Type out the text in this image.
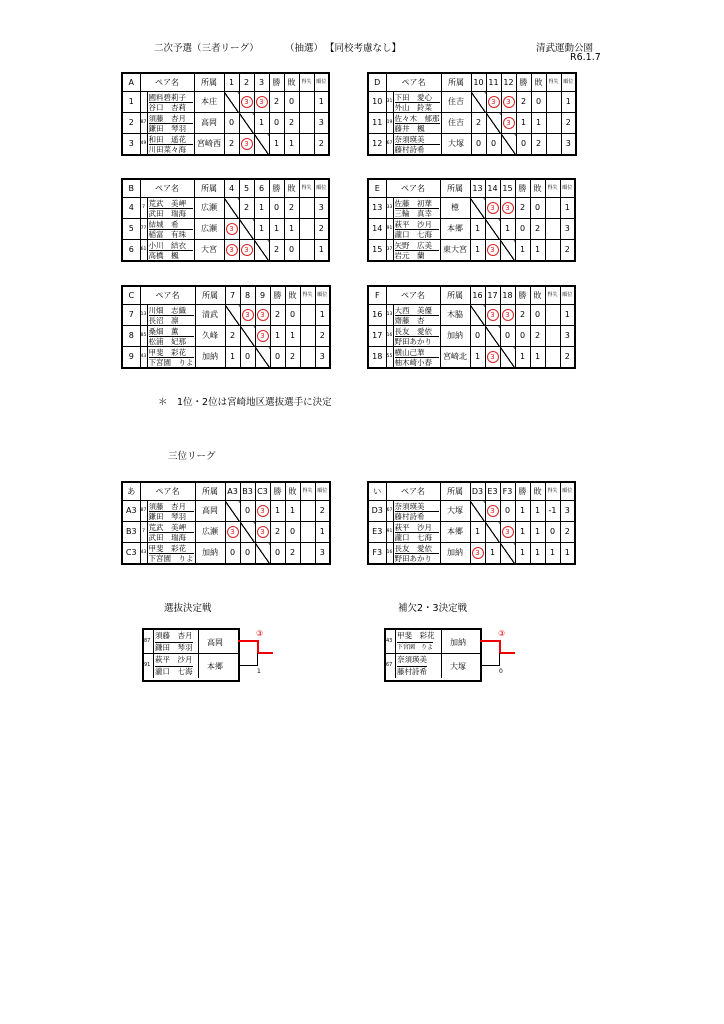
二次予選（三者リーグ）	（抽選） 【同校考慮なし】	清武運動公園
R6.1.7
A	ペア名		所属	1	2	3	勝	敗	得失	順位
1		國料碧莉子
谷口　杏莉	本庄		3	3	2	0		1
2	87	須藤　杏月
鎌田　琴羽	高岡	0		1	0	2		3
3	49	和田　遥花
川田菜々海	宮崎西	2	3		1	1		2
D	ペア名		所属	10	11	12	勝	敗	得失	順位
10	31	下田　愛心
外山　鈴菜	住吉		3	3	2	0		1
11	19	佐々木　郁那
藤井　楓	住吉	2		3	1	1		2
12	67	奈須瑛美
藤村詩希	大塚	0	0		0	2		3
B	ペア名		所属	4	5	6	勝	敗	得失	順位
4	7	荒武　美岬
武田　瑞海	広瀬		2	1	0	2		3
5	77	結城　希
稲富　有珠	広瀬	3		1	1	1		2
6	61	小川　結衣
高橋　楓	大宮	3	3		2	0		1
E	ペア名		所属	13	14	15	勝	敗	得失	順位
13	33	佐藤　初華
三輪　真幸	檍		3	3	2	0		1
14	91	萩平　沙月
瀧口　七海	本郷	1		1	0	2		3
15	37	矢野　広美
岩元　蘭	東大宮	1	3		1	1		2
C	ペア名		所属	7	8	9	勝	敗	得失	順位
7	13	川畑　志織
長沼　凛	清武		3	3	2	0		1
8	85	桑畑　薫
松浦　妃那	久峰	2		3	1	1		2
9	43	甲斐　彩花
下宮園　りよ	加納	1	0		0	2		3
F	ペア名		所属	16	17	18	勝	敗	得失	順位
16	13	大西　美優
齋藤　杏	木脇		3	3	2	0		1
17	16	長友　愛依
野田あかり	加納	0		0	0	2		3
18	55	横山己華
柚木崎小春	宮崎北	1	3		1	1		2
あ	ペア名		所属	A3	B3	C3	勝	敗	得失	順位
A3	87	須藤　杏月
鎌田　琴羽	高岡		0	3	1	1		2
B3	7	荒武　美岬
武田　瑞海	広瀬	3		3	2	0		1
C3	43	甲斐　彩花
下宮園　りよ	加納	0	0		0	2		3
い	ペア名		所属	D3	E3	F3	勝	敗	得失	順位
D3	67	奈須瑛美
藤村詩希	大塚		3	0	1	1	-1	3
E3	91	萩平　沙月
瀧口　七海	本郷	1		3	1	1	0	2
F3	16	長友　愛依
野田あかり	加納	3	1		1	1	1	1
＊　1位・2位は宮崎地区選抜選手に決定
三位リーグ
選抜決定戦
87
須藤　杏月
鎌田　琴羽
高岡
91
萩平　沙月
瀧口　七海
本郷
③
1
補欠2・3決定戦
43
甲斐　彩花
下宮園　りよ
加納
67
奈須瑛美
藤村詩希
大塚
③
0
